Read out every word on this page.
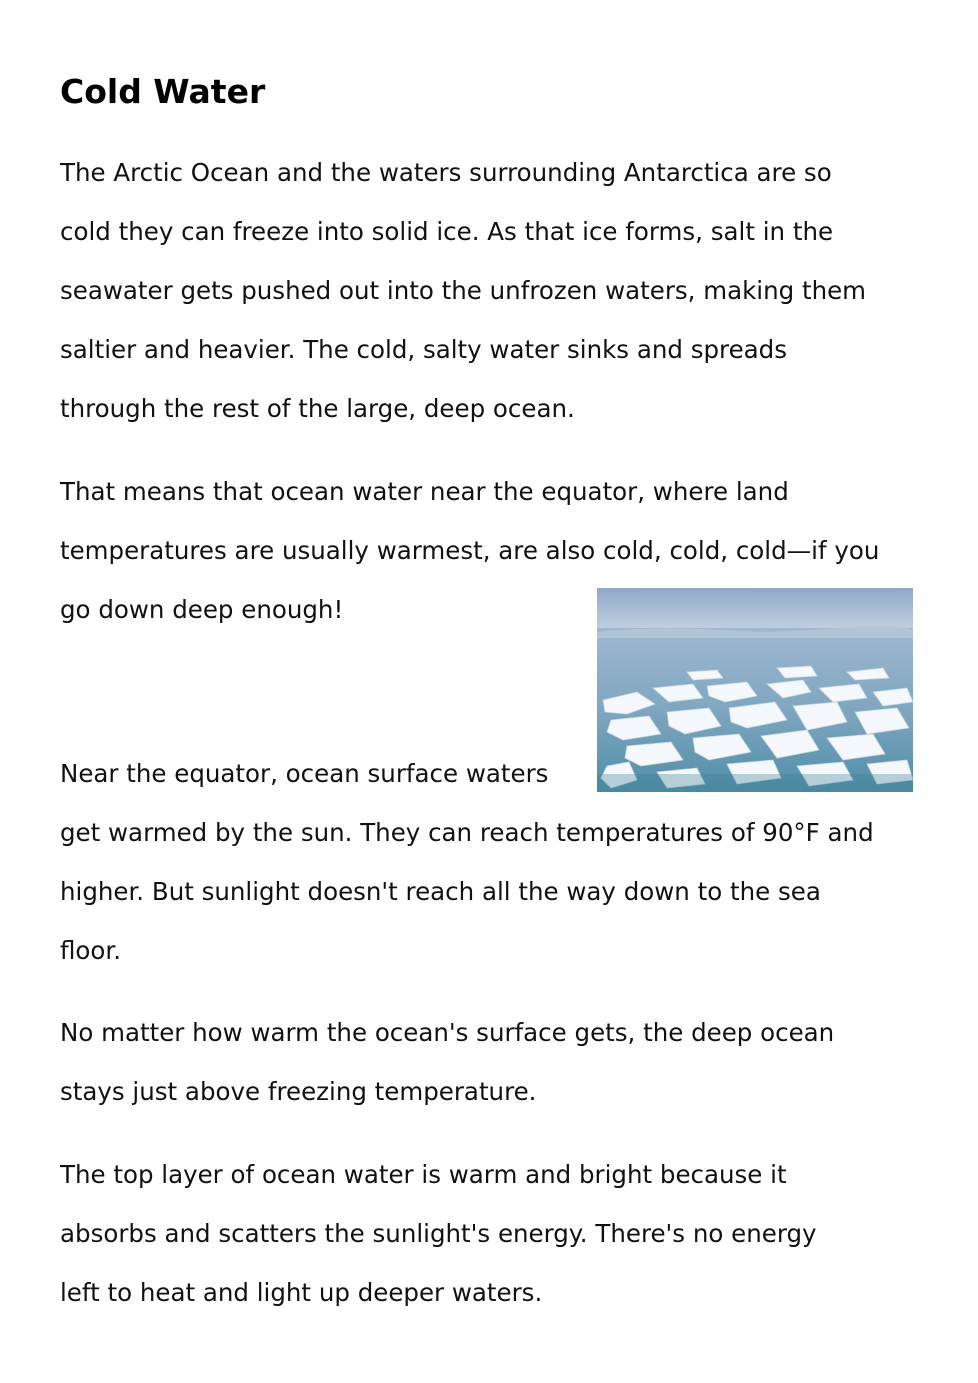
Cold Water

The Arctic Ocean and the waters surrounding Antarctica are so
cold they can freeze into solid ice. As that ice forms, salt in the
seawater gets pushed out into the unfrozen waters, making them
saltier and heavier. The cold, salty water sinks and spreads
through the rest of the large, deep ocean.

That means that ocean water near the equator, where land
temperatures are usually warmest, are also cold, cold, cold—if you
go down deep enough!

Near the equator, ocean surface waters
get warmed by the sun. They can reach temperatures of 90°F and
higher. But sunlight doesn't reach all the way down to the sea
floor.

No matter how warm the ocean's surface gets, the deep ocean
stays just above freezing temperature.

The top layer of ocean water is warm and bright because it
absorbs and scatters the sunlight's energy. There's no energy
left to heat and light up deeper waters.
